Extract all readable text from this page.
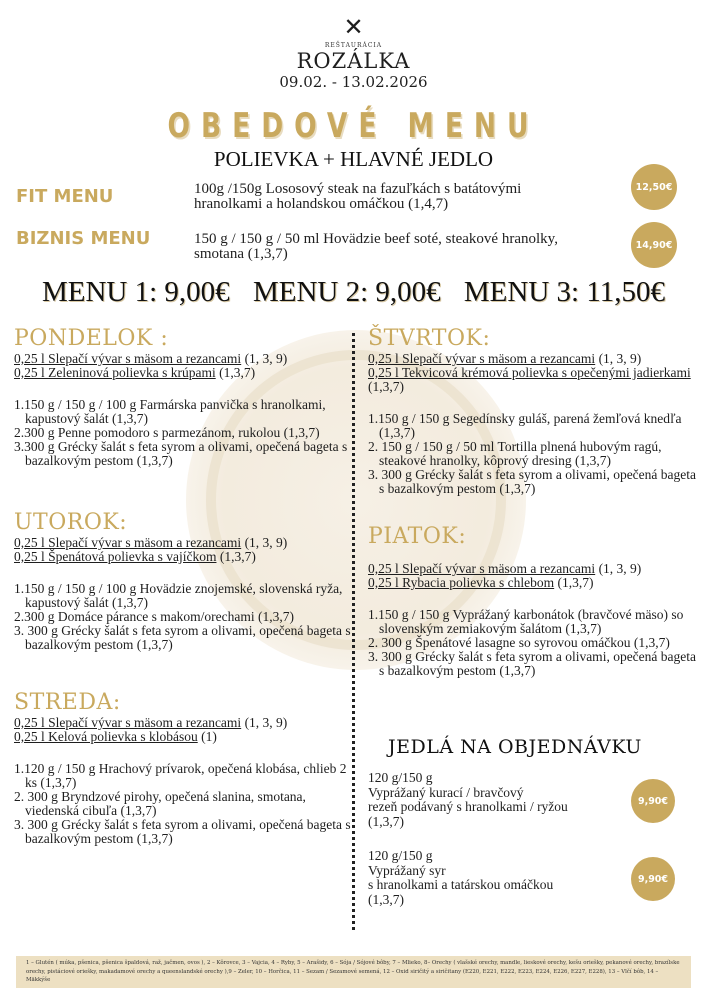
✕
REŠTAURÁCIA
ROZÁLKA
09.02. - 13.02.2026
OBEDOVÉ MENU
POLIEVKA + HLAVNÉ JEDLO
FIT MENU	100g /150g Lososový steak na fazuľkách s batátovými
hranolkami a holandskou omáčkou (1,4,7)
12,50€
BIZNIS MENU	150 g / 150 g / 50 ml Hovädzie beef soté, steakové hranolky,
smotana (1,3,7)
14,90€
MENU 1: 9,00€ MENU 2: 9,00€ MENU 3: 11,50€
PONDELOK :
0,25 l Slepačí vývar s mäsom a rezancami (1, 3, 9)
0,25 l Zeleninová polievka s krúpami (1,3,7)
1.150 g / 150 g / 100 g Farmárska panvička s hranolkami, kapustový šalát (1,3,7)
2.300 g Penne pomodoro s parmezánom, rukolou (1,3,7)
3.300 g Grécky šalát s feta syrom a olivami, opečená bageta s bazalkovým pestom (1,3,7)
UTOROK:
0,25 l Slepačí vývar s mäsom a rezancami (1, 3, 9)
0,25 l Špenátová polievka s vajíčkom (1,3,7)
1.150 g / 150 g / 100 g Hovädzie znojemské, slovenská ryža, kapustový šalát (1,3,7)
2.300 g Domáce párance s makom/orechami (1,3,7)
3. 300 g Grécky šalát s feta syrom a olivami, opečená bageta s bazalkovým pestom (1,3,7)
STREDA:
0,25 l Slepačí vývar s mäsom a rezancami (1, 3, 9)
0,25 l Kelová polievka s klobásou (1)
1.120 g / 150 g Hrachový prívarok, opečená klobása, chlieb 2 ks (1,3,7)
2. 300 g Bryndzové pirohy, opečená slanina, smotana, viedenská cibuľa (1,3,7)
3. 300 g Grécky šalát s feta syrom a olivami, opečená bageta s bazalkovým pestom (1,3,7)
ŠTVRTOK:
0,25 l Slepačí vývar s mäsom a rezancami (1, 3, 9)
0,25 l Tekvicová krémová polievka s opečenými jadierkami (1,3,7)
1.150 g / 150 g Segedínsky guláš, parená žemľová knedľa (1,3,7)
2. 150 g / 150 g / 50 ml Tortilla plnená hubovým ragú, steakové hranolky, kôprový dresing (1,3,7)
3. 300 g Grécky šalát s feta syrom a olivami, opečená bageta s bazalkovým pestom (1,3,7)
PIATOK:
0,25 l Slepačí vývar s mäsom a rezancami (1, 3, 9)
0,25 l Rybacia polievka s chlebom (1,3,7)
1.150 g / 150 g Vyprážaný karbonátok (bravčové mäso) so slovenským zemiakovým šalátom (1,3,7)
2. 300 g Špenátové lasagne so syrovou omáčkou (1,3,7)
3. 300 g Grécky šalát s feta syrom a olivami, opečená bageta s bazalkovým pestom (1,3,7)
JEDLÁ NA OBJEDNÁVKU
120 g/150 g
Vyprážaný kurací / bravčový
rezeň podávaný s hranolkami / ryžou
(1,3,7)
9,90€
120 g/150 g
Vyprážaný syr
s hranolkami a tatárskou omáčkou
(1,3,7)
9,90€
1 – Glutén ( múka, pšenica, pšenica špaldová, raž, jačmen, ovos ), 2 – Kôrovce, 3 – Vajcia, 4 – Ryby, 5 – Arašidy, 6 – Sója / Sójové bôby, 7 – Mlieko, 8– Orechy ( vlašské orechy, mandle, lieskové orechy, kešu oriešky, pekanové orechy, brazílske orechy, pistáciové oriešky, makadamové orechy a queenslandské orechy ),9 – Zeler, 10 – Horčica, 11 – Sezam / Sezamové semená, 12 – Oxid siričitý a siričitany (E220, E221, E222, E223, E224, E226, E227, E228), 13 – Vlčí bôb, 14 – Mäkkýše
